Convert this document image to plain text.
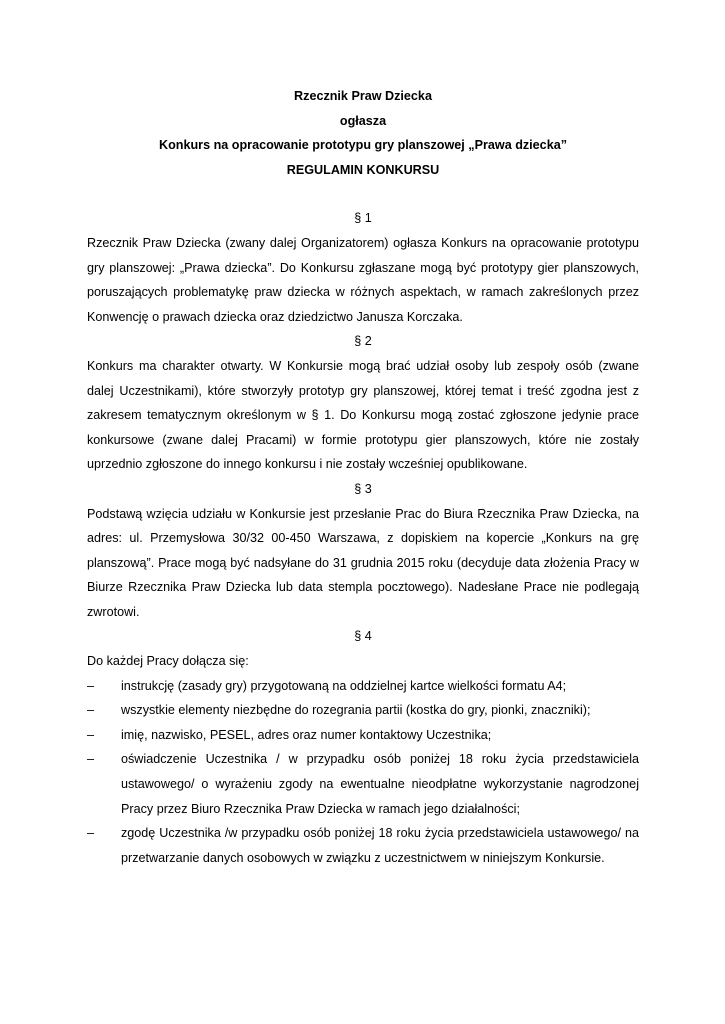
Rzecznik Praw Dziecka
ogłasza
Konkurs na opracowanie prototypu gry planszowej „Prawa dziecka”
REGULAMIN KONKURSU
§ 1

Rzecznik Praw Dziecka (zwany dalej Organizatorem) ogłasza Konkurs na opracowanie prototypu gry planszowej: „Prawa dziecka”. Do Konkursu zgłaszane mogą być prototypy gier planszowych, poruszających problematykę praw dziecka w różnych aspektach, w ramach zakreślonych przez Konwencję o prawach dziecka oraz dziedzictwo Janusza Korczaka.

§ 2

Konkurs ma charakter otwarty. W Konkursie mogą brać udział osoby lub zespoły osób (zwane dalej Uczestnikami), które stworzyły prototyp gry planszowej, której temat i treść zgodna jest z zakresem tematycznym określonym w § 1. Do Konkursu mogą zostać zgłoszone jedynie prace konkursowe (zwane dalej Pracami) w formie prototypu gier planszowych, które nie zostały uprzednio zgłoszone do innego konkursu i nie zostały wcześniej opublikowane.

§ 3

Podstawą wzięcia udziału w Konkursie jest przesłanie Prac do Biura Rzecznika Praw Dziecka, na adres: ul. Przemysłowa 30/32 00-450 Warszawa, z dopiskiem na kopercie „Konkurs na grę planszową”. Prace mogą być nadsyłane do 31 grudnia 2015 roku (decyduje data złożenia Pracy w Biurze Rzecznika Praw Dziecka lub data stempla pocztowego). Nadesłane Prace nie podlegają zwrotowi.

§ 4

Do każdej Pracy dołącza się:

– instrukcję (zasady gry) przygotowaną na oddzielnej kartce wielkości formatu A4;
– wszystkie elementy niezbędne do rozegrania partii (kostka do gry, pionki, znaczniki);
– imię, nazwisko, PESEL, adres oraz numer kontaktowy Uczestnika;
– oświadczenie Uczestnika / w przypadku osób poniżej 18 roku życia przedstawiciela ustawowego/ o wyrażeniu zgody na ewentualne nieodpłatne wykorzystanie nagrodzonej Pracy przez Biuro Rzecznika Praw Dziecka w ramach jego działalności;
– zgodę Uczestnika /w przypadku osób poniżej 18 roku życia przedstawiciela ustawowego/ na przetwarzanie danych osobowych w związku z uczestnictwem w niniejszym Konkursie.
